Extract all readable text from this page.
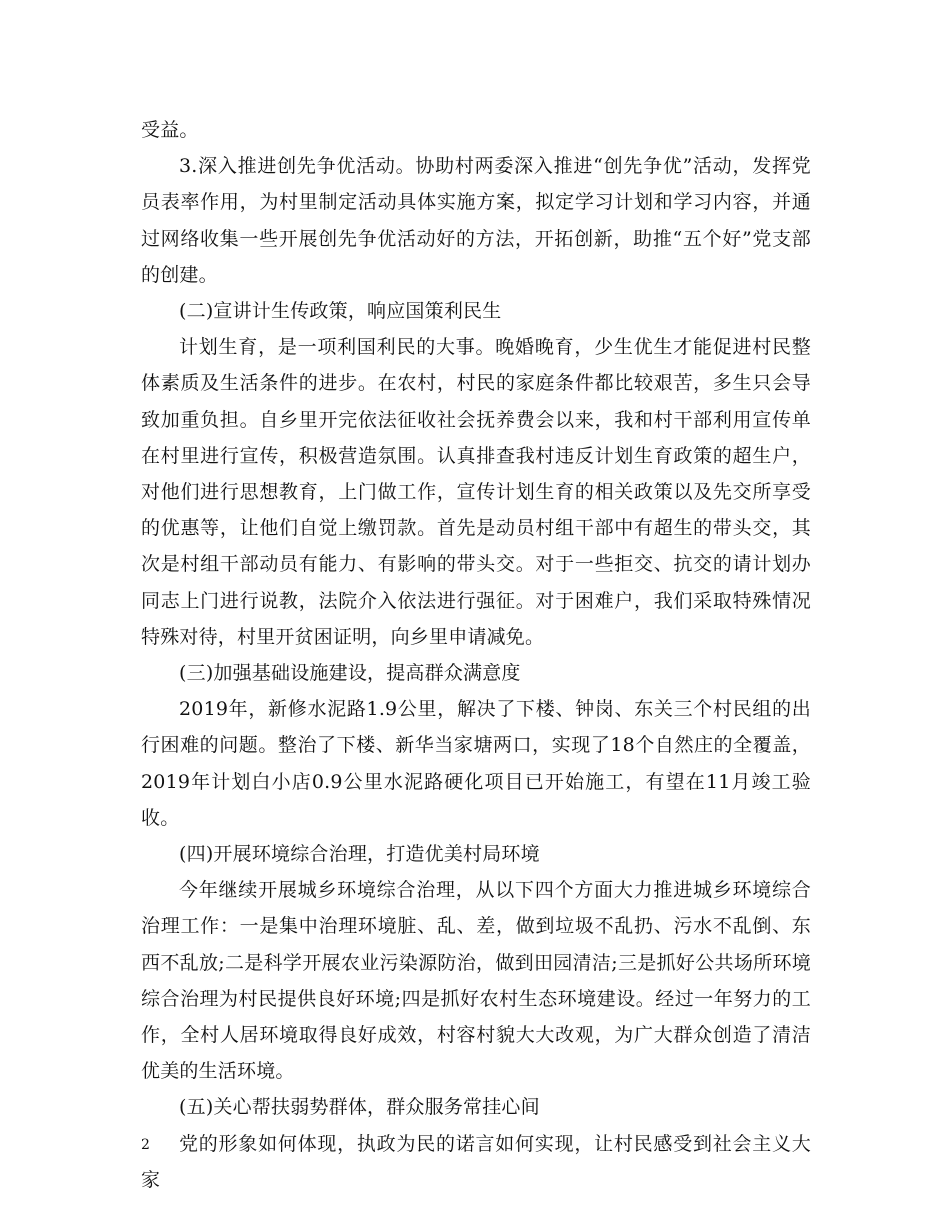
受益。

3.深入推进创先争优活动。协助村两委深入推进“创先争优”活动，发挥党员表率作用，为村里制定活动具体实施方案，拟定学习计划和学习内容，并通过网络收集一些开展创先争优活动好的方法，开拓创新，助推“五个好”党支部的创建。

(二)宣讲计生传政策，响应国策利民生

计划生育，是一项利国利民的大事。晚婚晚育，少生优生才能促进村民整体素质及生活条件的进步。在农村，村民的家庭条件都比较艰苦，多生只会导致加重负担。自乡里开完依法征收社会抚养费会以来，我和村干部利用宣传单在村里进行宣传，积极营造氛围。认真排查我村违反计划生育政策的超生户，对他们进行思想教育，上门做工作，宣传计划生育的相关政策以及先交所享受的优惠等，让他们自觉上缴罚款。首先是动员村组干部中有超生的带头交，其次是村组干部动员有能力、有影响的带头交。对于一些拒交、抗交的请计划办同志上门进行说教，法院介入依法进行强征。对于困难户，我们采取特殊情况特殊对待，村里开贫困证明，向乡里申请减免。

(三)加强基础设施建设，提高群众满意度

2019年，新修水泥路1.9公里，解决了下楼、钟岗、东关三个村民组的出行困难的问题。整治了下楼、新华当家塘两口，实现了18个自然庄的全覆盖，2019年计划白小店0.9公里水泥路硬化项目已开始施工，有望在11月竣工验收。

(四)开展环境综合治理，打造优美村局环境

今年继续开展城乡环境综合治理，从以下四个方面大力推进城乡环境综合治理工作：一是集中治理环境脏、乱、差，做到垃圾不乱扔、污水不乱倒、东西不乱放;二是科学开展农业污染源防治，做到田园清洁;三是抓好公共场所环境综合治理为村民提供良好环境;四是抓好农村生态环境建设。经过一年努力的工作，全村人居环境取得良好成效，村容村貌大大改观，为广大群众创造了清洁优美的生活环境。

(五)关心帮扶弱势群体，群众服务常挂心间

党的形象如何体现，执政为民的诺言如何实现，让村民感受到社会主义大家

2
